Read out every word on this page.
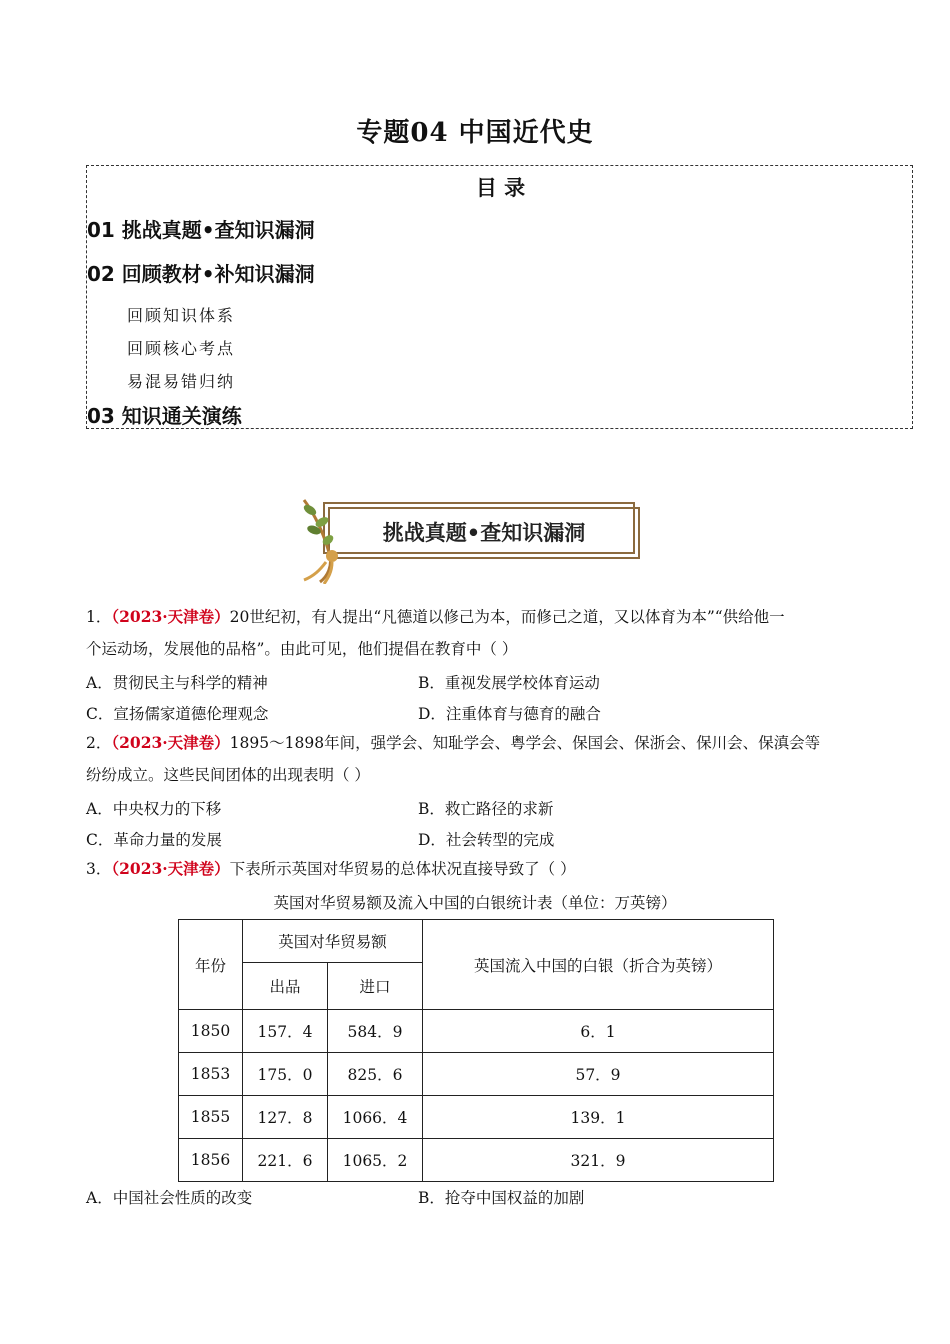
专题04 中国近代史
目 录
01 挑战真题•查知识漏洞
02 回顾教材•补知识漏洞
回顾知识体系
回顾核心考点
易混易错归纳
03 知识通关演练
挑战真题•查知识漏洞
1．（2023·天津卷）20世纪初，有人提出“凡德道以修己为本，而修己之道，又以体育为本”“供给他一
个运动场，发展他的品格”。由此可见，他们提倡在教育中（ ）
A．贯彻民主与科学的精神	B．重视发展学校体育运动
C．宣扬儒家道德伦理观念	D．注重体育与德育的融合
2．（2023·天津卷）1895～1898年间，强学会、知耻学会、粤学会、保国会、保浙会、保川会、保滇会等
纷纷成立。这些民间团体的出现表明（ ）
A．中央权力的下移	B．救亡路径的求新
C．革命力量的发展	D．社会转型的完成
3．（2023·天津卷）下表所示英国对华贸易的总体状况直接导致了（ ）
英国对华贸易额及流入中国的白银统计表（单位：万英镑）
年份	英国对华贸易额		英国流入中国的白银（折合为英镑）
	出品	进口	
1850	157．4	584．9	6．1
1853	175．0	825．6	57．9
1855	127．8	1066．4	139．1
1856	221．6	1065．2	321．9
A．中国社会性质的改变	B．抢夺中国权益的加剧
